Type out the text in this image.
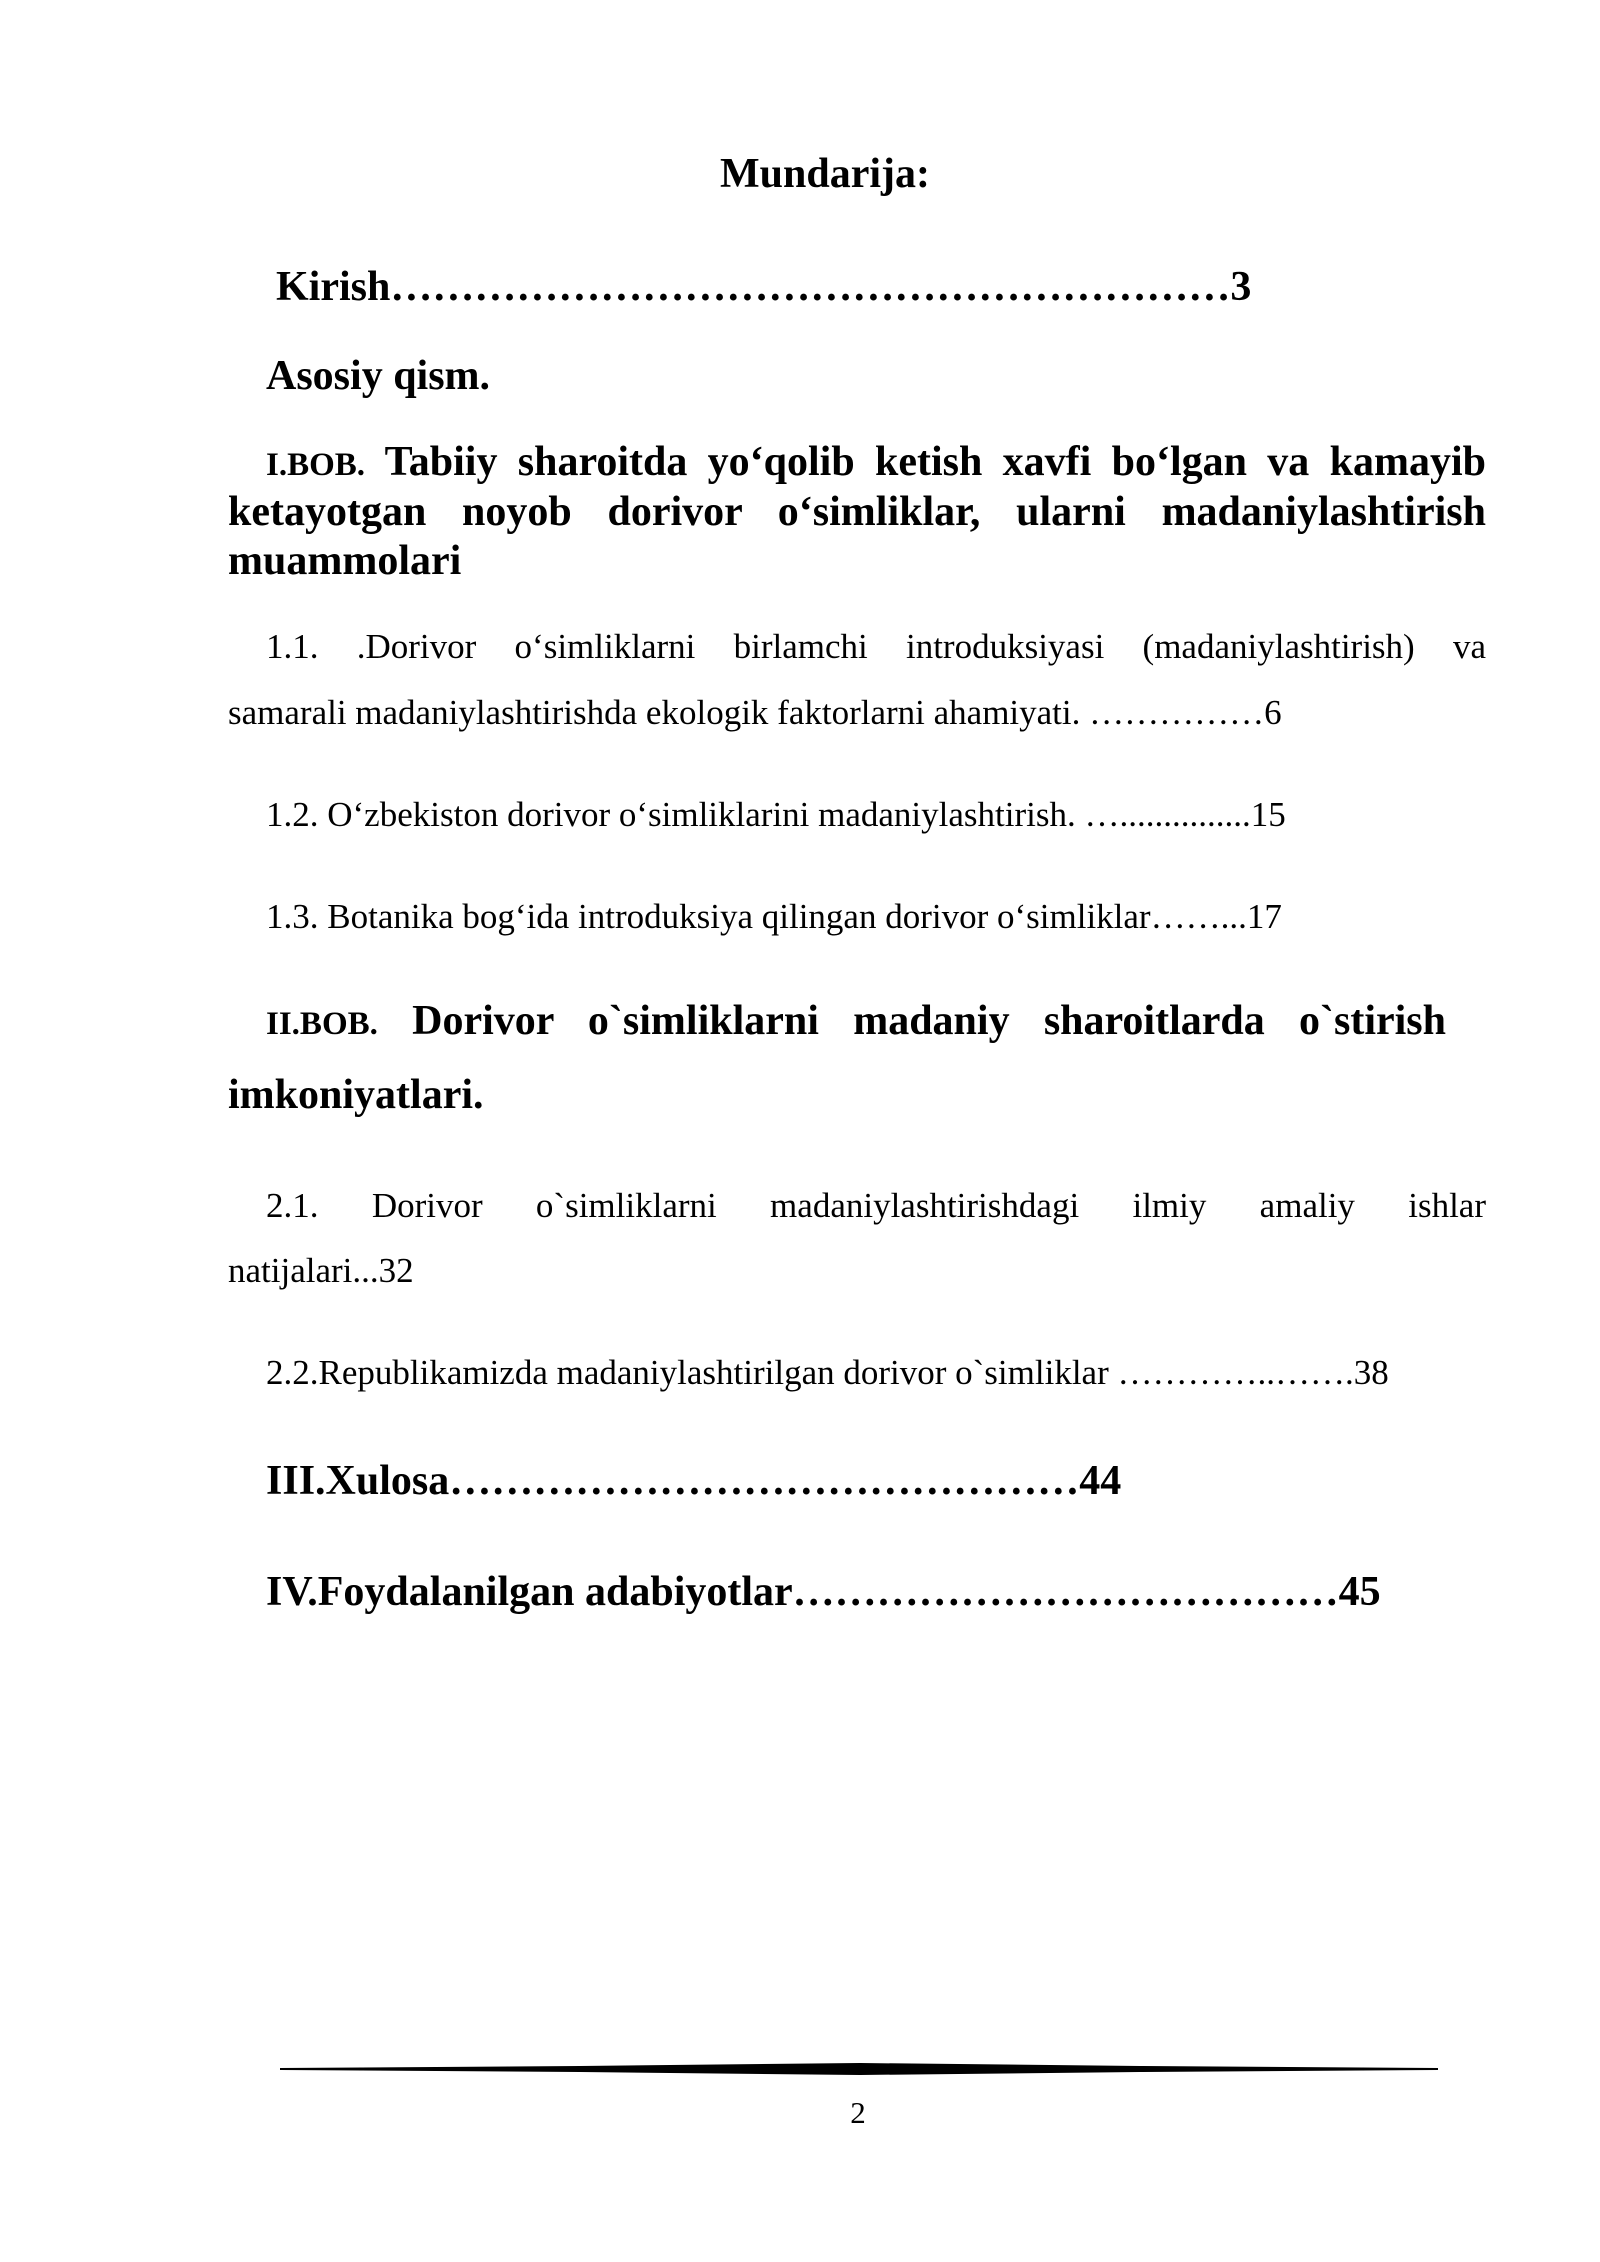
Mundarija:
Kirish……………………………………………………3
Asosiy qism.
I.BOB. Tabiiy sharoitda yo‘qolib ketish xavfi bo‘lgan va kamayib
ketayotgan noyob dorivor o‘simliklar, ularni madaniylashtirish
muammolari
1.1. .Dorivor o‘simliklarni birlamchi introduksiyasi (madaniylashtirish) va
samarali madaniylashtirishda ekologik faktorlarni ahamiyati. ……………6
1.2. O‘zbekiston dorivor o‘simliklarini madaniylashtirish. …...............15
1.3. Botanika bog‘ida introduksiya qilingan dorivor o‘simliklar……...17
II.BOB. Dorivor o`simliklarni madaniy sharoitlarda o`stirish
imkoniyatlari.
2.1. Dorivor o`simliklarni madaniylashtirishdagi ilmiy amaliy ishlar
natijalari...32
2.2.Republikamizda madaniylashtirilgan dorivor o`simliklar …………..…….38
III.Xulosa………………………………………44
IV.Foydalanilgan adabiyotlar…………………………………45
2
